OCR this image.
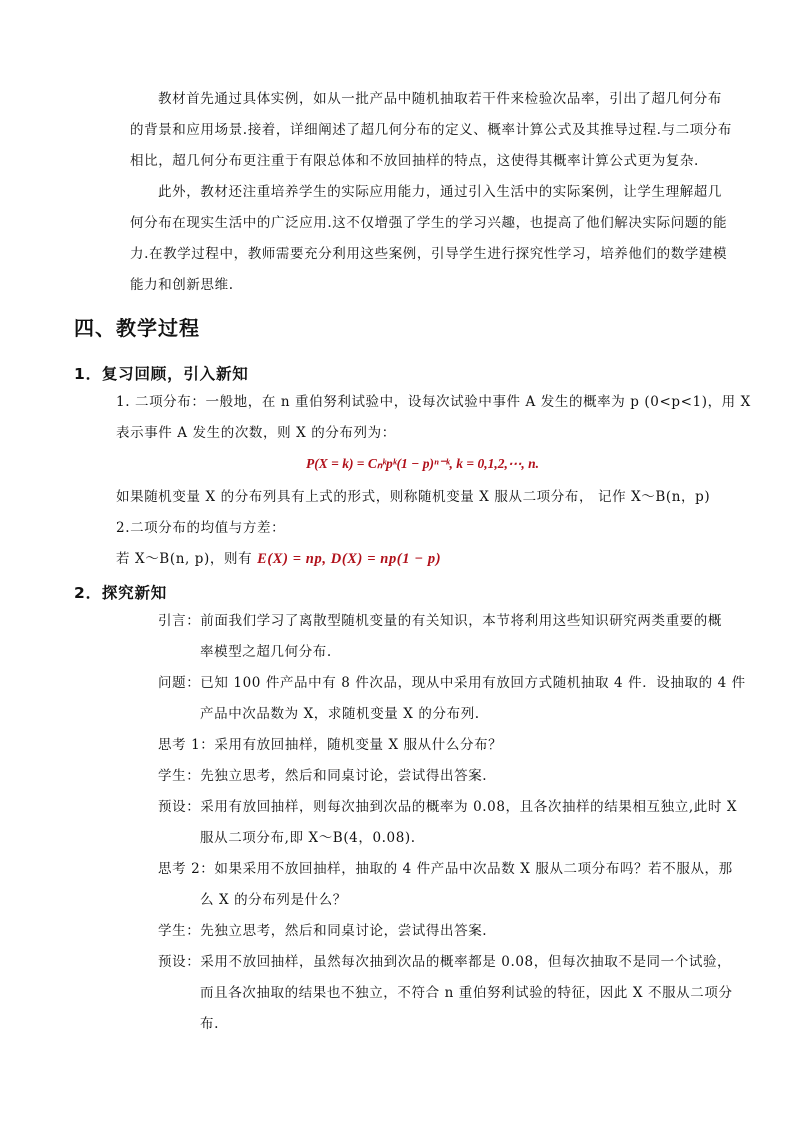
教材首先通过具体实例，如从一批产品中随机抽取若干件来检验次品率，引出了超几何分布
的背景和应用场景.接着，详细阐述了超几何分布的定义、概率计算公式及其推导过程.与二项分布
相比，超几何分布更注重于有限总体和不放回抽样的特点，这使得其概率计算公式更为复杂.
此外，教材还注重培养学生的实际应用能力，通过引入生活中的实际案例，让学生理解超几
何分布在现实生活中的广泛应用.这不仅增强了学生的学习兴趣，也提高了他们解决实际问题的能
力.在教学过程中，教师需要充分利用这些案例，引导学生进行探究性学习，培养他们的数学建模
能力和创新思维.
四、教学过程
1．复习回顾，引入新知
1. 二项分布：一般地，在 n 重伯努利试验中，设每次试验中事件 A 发生的概率为 p (0<p<1)，用 X
表示事件 A 发生的次数，则 X 的分布列为：
P(X = k) = Cₙᵏpᵏ(1 − p)ⁿ⁻ᵏ, k = 0,1,2,⋯, n.
如果随机变量 X 的分布列具有上式的形式，则称随机变量 X 服从二项分布， 记作 X～B(n，p)
2.二项分布的均值与方差：
若 X～B(n, p)，则有 E(X) = np, D(X) = np(1 − p)
2．探究新知
引言：前面我们学习了离散型随机变量的有关知识，本节将利用这些知识研究两类重要的概
率模型之超几何分布.
问题：已知 100 件产品中有 8 件次品，现从中采用有放回方式随机抽取 4 件．设抽取的 4 件
产品中次品数为 X，求随机变量 X 的分布列.
思考 1：采用有放回抽样，随机变量 X 服从什么分布？
学生：先独立思考，然后和同桌讨论，尝试得出答案.
预设：采用有放回抽样，则每次抽到次品的概率为 0.08，且各次抽样的结果相互独立,此时 X
服从二项分布,即 X～B(4，0.08).
思考 2：如果采用不放回抽样，抽取的 4 件产品中次品数 X 服从二项分布吗？若不服从，那
么 X 的分布列是什么？
学生：先独立思考，然后和同桌讨论，尝试得出答案.
预设：采用不放回抽样，虽然每次抽到次品的概率都是 0.08，但每次抽取不是同一个试验，
而且各次抽取的结果也不独立，不符合 n 重伯努利试验的特征，因此 X 不服从二项分
布.
